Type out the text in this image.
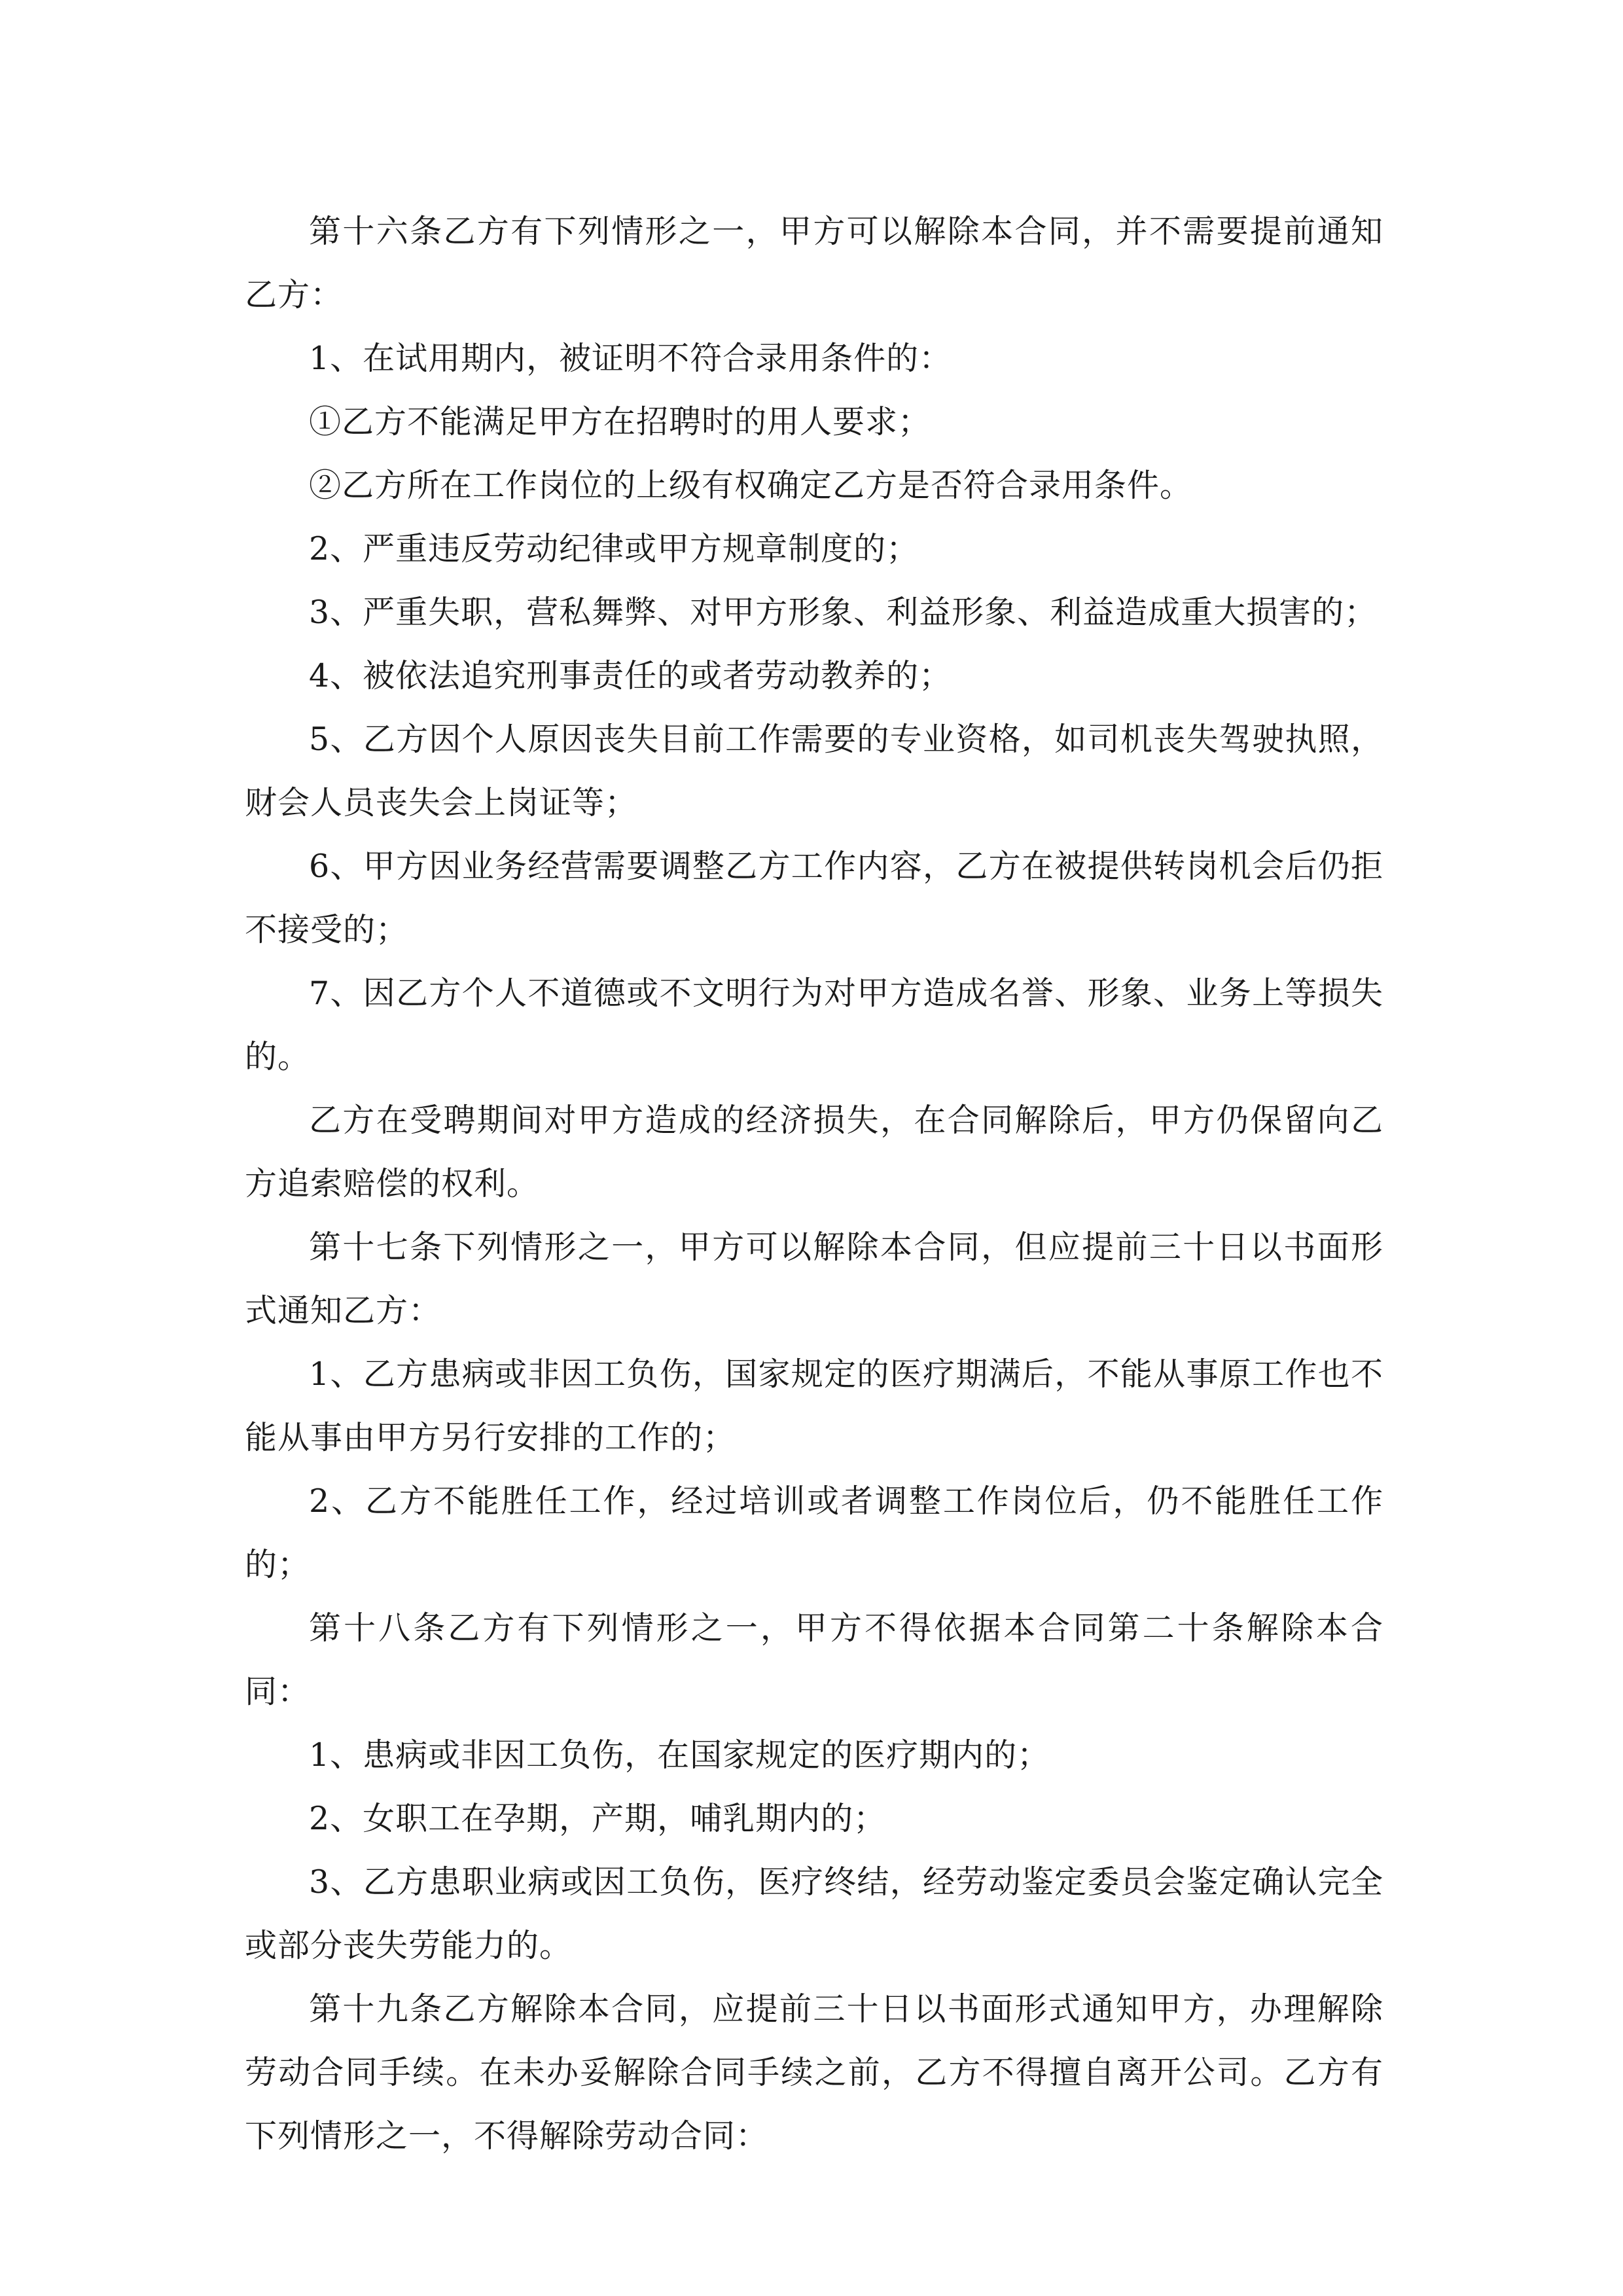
第十六条乙方有下列情形之一，甲方可以解除本合同，并不需要提前通知乙方：

1、在试用期内，被证明不符合录用条件的：

①乙方不能满足甲方在招聘时的用人要求；

②乙方所在工作岗位的上级有权确定乙方是否符合录用条件。

2、严重违反劳动纪律或甲方规章制度的；

3、严重失职，营私舞弊、对甲方形象、利益形象、利益造成重大损害的；

4、被依法追究刑事责任的或者劳动教养的；

5、乙方因个人原因丧失目前工作需要的专业资格，如司机丧失驾驶执照，财会人员丧失会上岗证等；

6、甲方因业务经营需要调整乙方工作内容，乙方在被提供转岗机会后仍拒不接受的；

7、因乙方个人不道德或不文明行为对甲方造成名誉、形象、业务上等损失的。

乙方在受聘期间对甲方造成的经济损失，在合同解除后，甲方仍保留向乙方追索赔偿的权利。

第十七条下列情形之一，甲方可以解除本合同，但应提前三十日以书面形式通知乙方：

1、乙方患病或非因工负伤，国家规定的医疗期满后，不能从事原工作也不能从事由甲方另行安排的工作的；

2、乙方不能胜任工作，经过培训或者调整工作岗位后，仍不能胜任工作的；

第十八条乙方有下列情形之一，甲方不得依据本合同第二十条解除本合同：

1、患病或非因工负伤，在国家规定的医疗期内的；

2、女职工在孕期，产期，哺乳期内的；

3、乙方患职业病或因工负伤，医疗终结，经劳动鉴定委员会鉴定确认完全或部分丧失劳能力的。

第十九条乙方解除本合同，应提前三十日以书面形式通知甲方，办理解除劳动合同手续。在未办妥解除合同手续之前，乙方不得擅自离开公司。乙方有下列情形之一，不得解除劳动合同：
